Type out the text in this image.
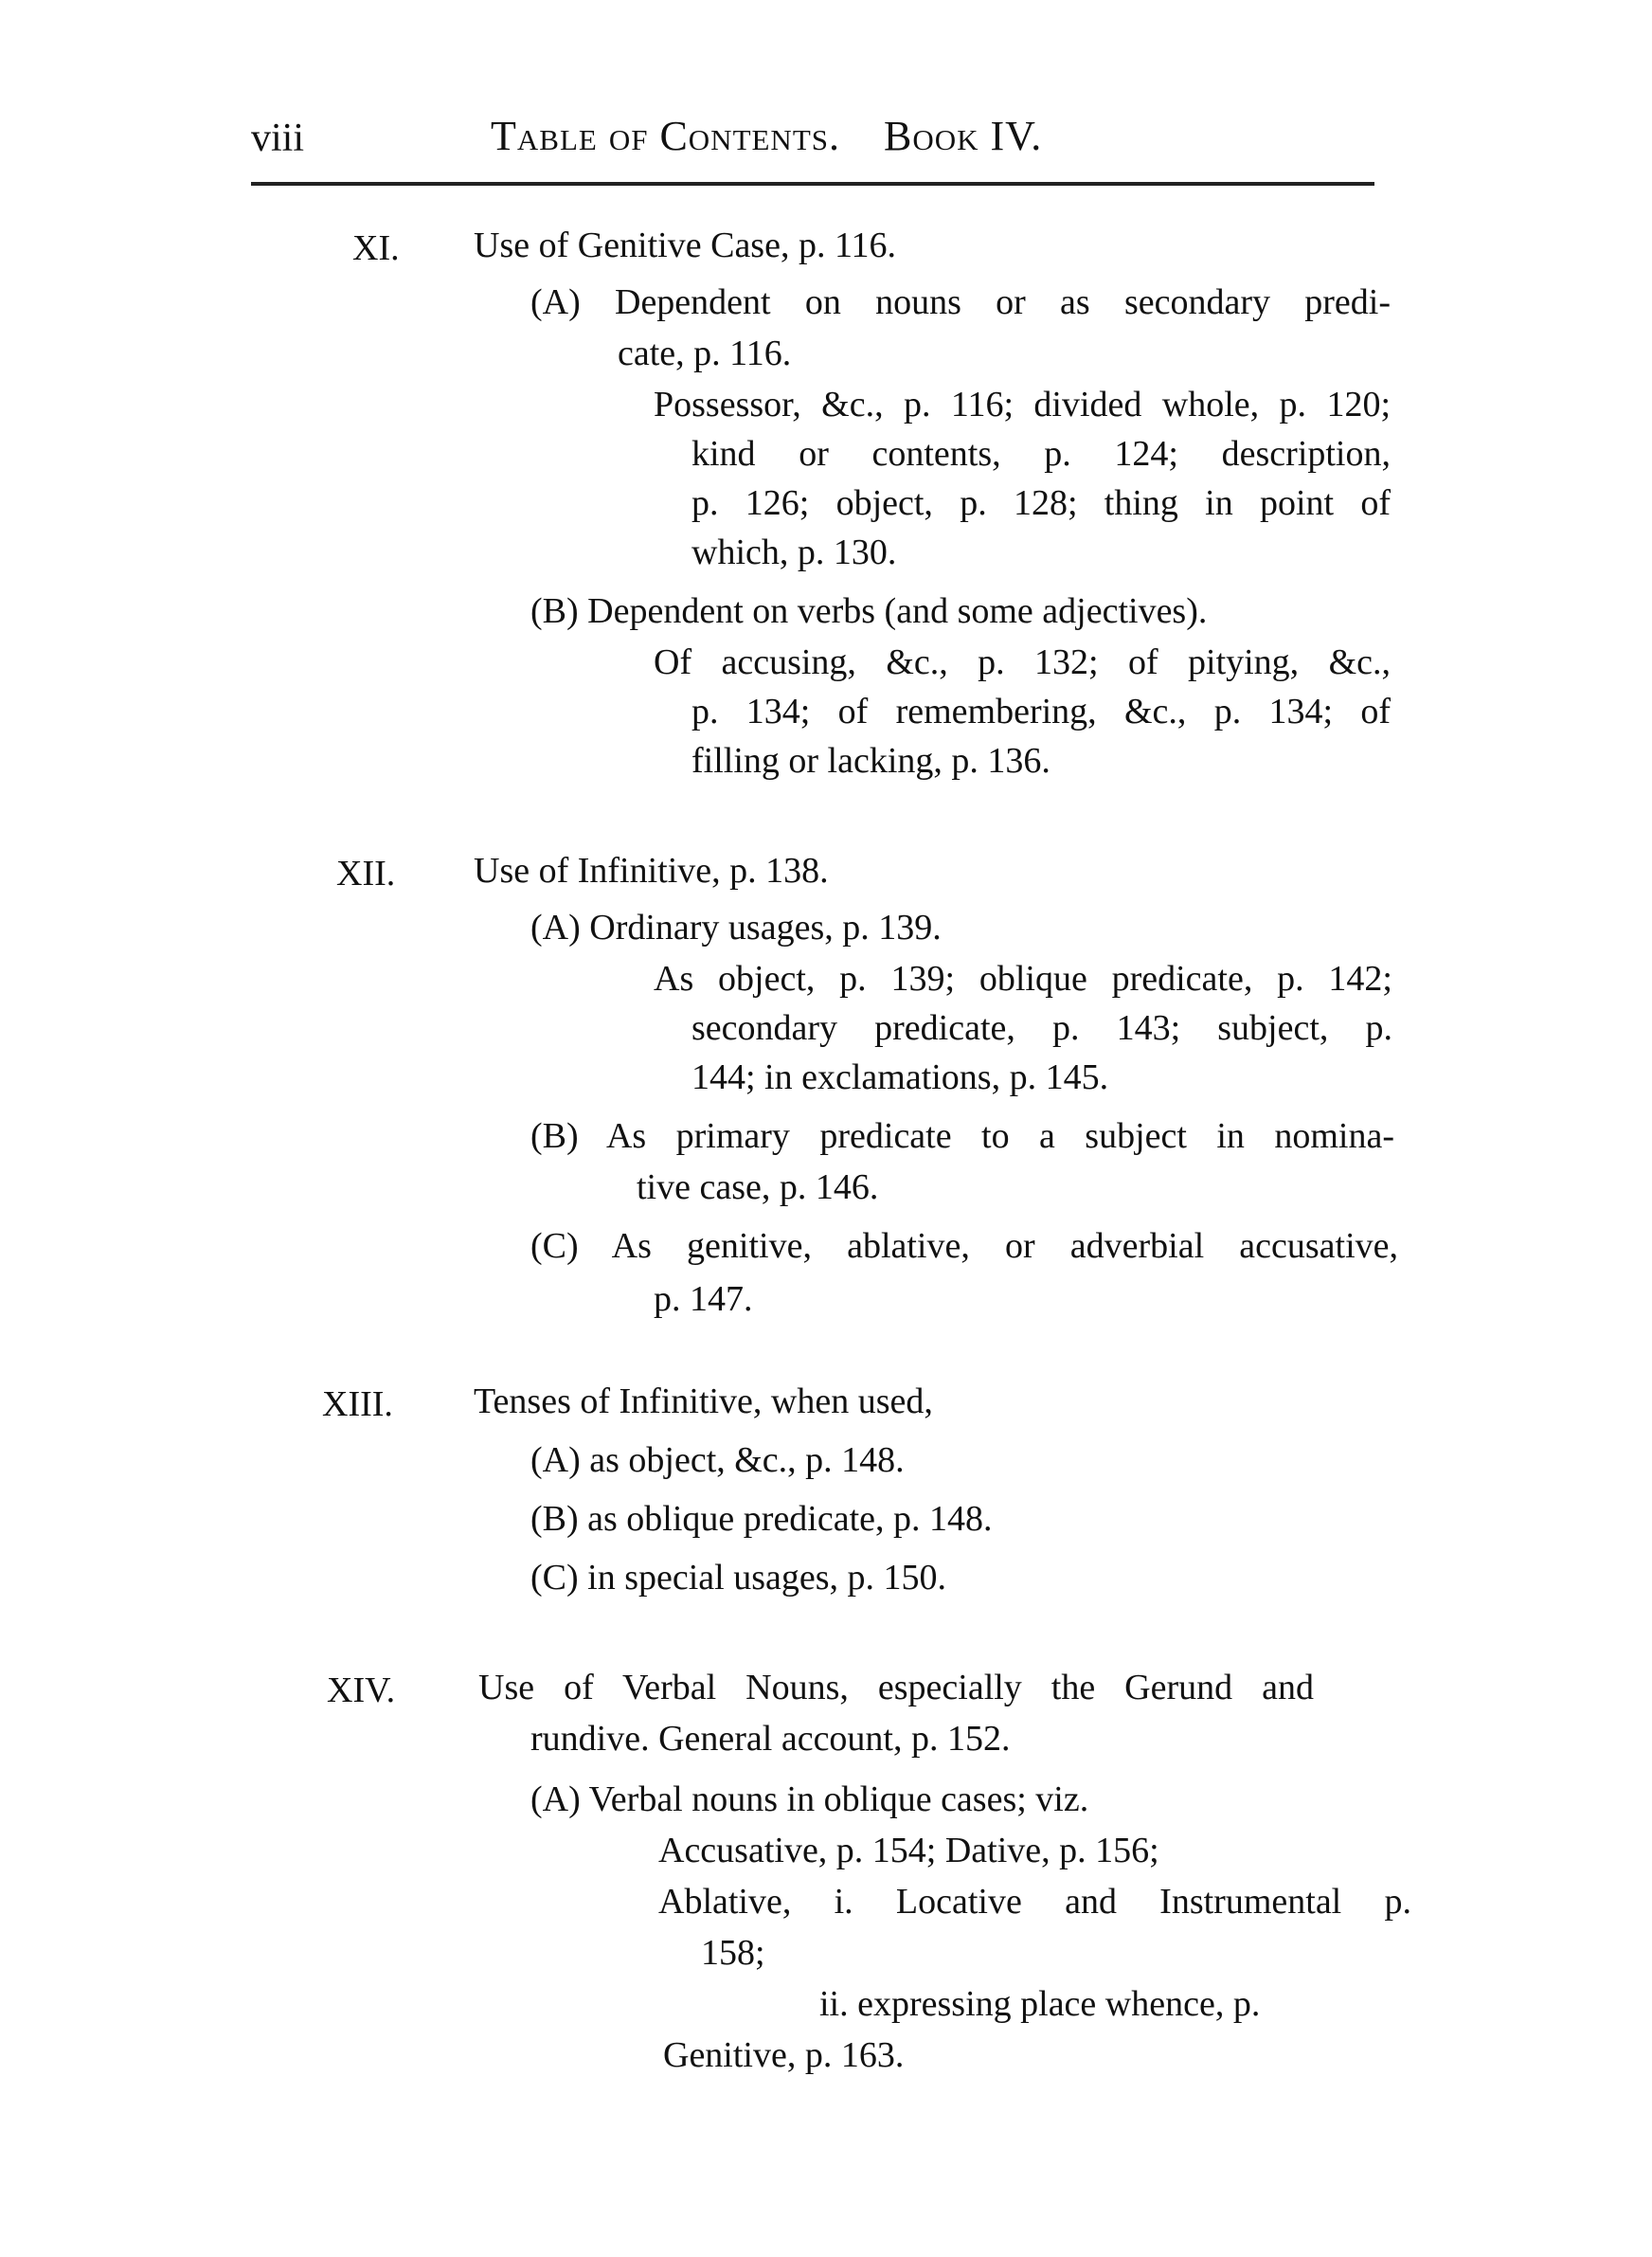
viii	Table of Contents. Book IV.
XI. Use of Genitive Case, p. 116.
(A) Dependent on nouns or as secondary predi-
cate, p. 116.
Possessor, &c., p. 116; divided whole, p. 120;
kind or contents, p. 124; description,
p. 126; object, p. 128; thing in point of
which, p. 130.
(B) Dependent on verbs (and some adjectives).
Of accusing, &c., p. 132; of pitying, &c.,
p. 134; of remembering, &c., p. 134; of
filling or lacking, p. 136.
XII. Use of Infinitive, p. 138.
(A) Ordinary usages, p. 139.
As object, p. 139; oblique predicate, p. 142;
secondary predicate, p. 143; subject, p.
144; in exclamations, p. 145.
(B) As primary predicate to a subject in nomina-
tive case, p. 146.
(C) As genitive, ablative, or adverbial accusative,
p. 147.
XIII. Tenses of Infinitive, when used,
(A) as object, &c., p. 148.
(B) as oblique predicate, p. 148.
(C) in special usages, p. 150.
XIV. Use of Verbal Nouns, especially the Gerund and
rundive. General account, p. 152.
(A) Verbal nouns in oblique cases; viz.
Accusative, p. 154; Dative, p. 156;
Ablative, i. Locative and Instrumental p.
158;
ii. expressing place whence, p.
Genitive, p. 163.
